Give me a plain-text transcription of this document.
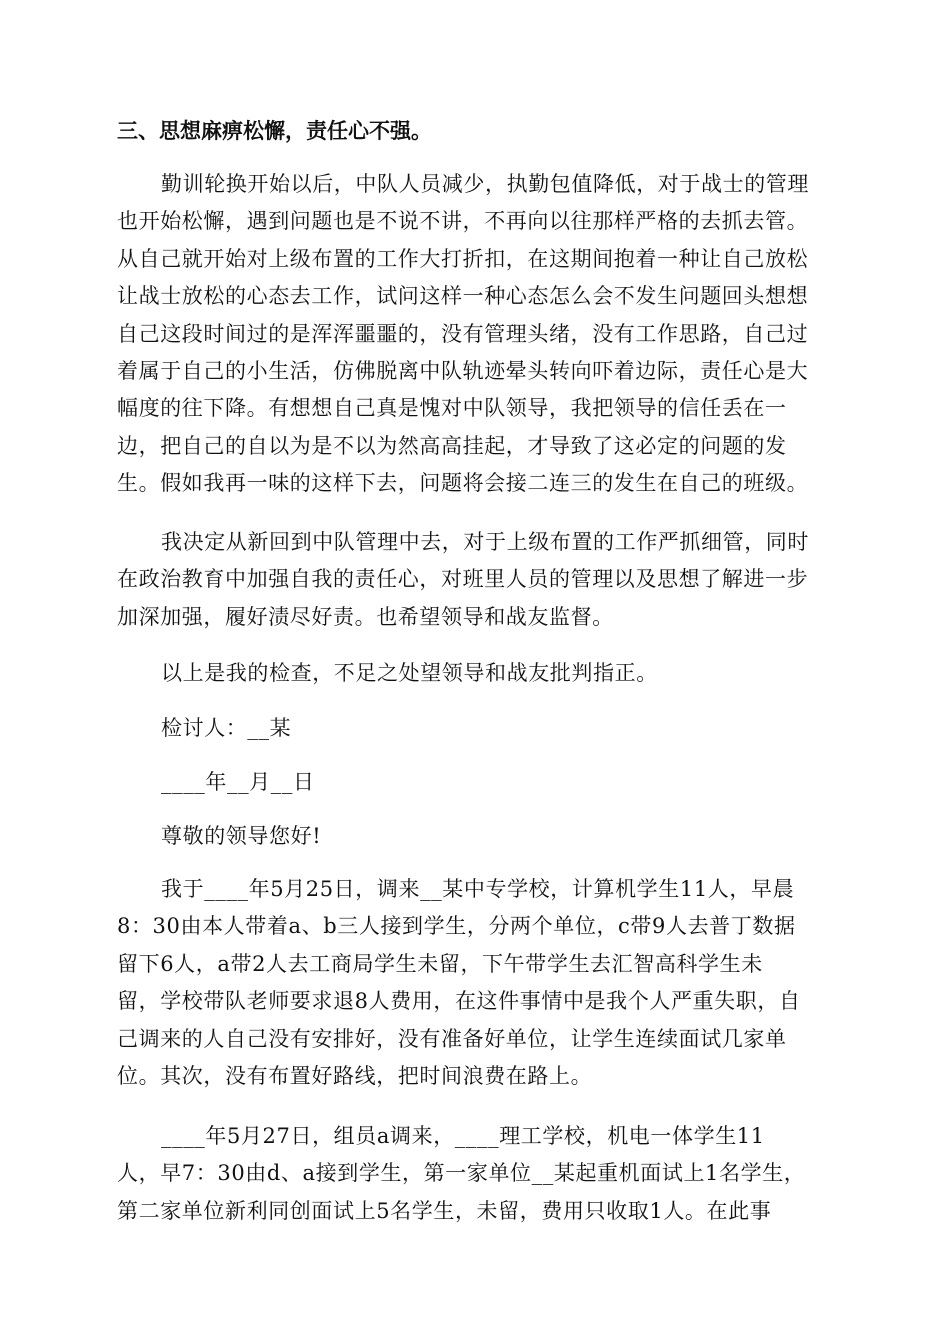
三、思想麻痹松懈，责任心不强。
勤训轮换开始以后，中队人员减少，执勤包值降低，对于战士的管理
也开始松懈，遇到问题也是不说不讲，不再向以往那样严格的去抓去管。
从自己就开始对上级布置的工作大打折扣，在这期间抱着一种让自己放松
让战士放松的心态去工作，试问这样一种心态怎么会不发生问题回头想想
自己这段时间过的是浑浑噩噩的，没有管理头绪，没有工作思路，自己过
着属于自己的小生活，仿佛脱离中队轨迹晕头转向吓着边际，责任心是大
幅度的往下降。有想想自己真是愧对中队领导，我把领导的信任丢在一
边，把自己的自以为是不以为然高高挂起，才导致了这必定的问题的发
生。假如我再一味的这样下去，问题将会接二连三的发生在自己的班级。
我决定从新回到中队管理中去，对于上级布置的工作严抓细管，同时
在政治教育中加强自我的责任心，对班里人员的管理以及思想了解进一步
加深加强，履好渍尽好责。也希望领导和战友监督。
以上是我的检查，不足之处望领导和战友批判指正。
检讨人：__某
____年__月__日
尊敬的领导您好!
我于____年5月25日，调来__某中专学校，计算机学生11人，早晨
8：30由本人带着a、b三人接到学生，分两个单位，c带9人去普丁数据
留下6人，a带2人去工商局学生未留，下午带学生去汇智高科学生未
留，学校带队老师要求退8人费用，在这件事情中是我个人严重失职，自
己调来的人自己没有安排好，没有准备好单位，让学生连续面试几家单
位。其次，没有布置好路线，把时间浪费在路上。
____年5月27日，组员a调来，____理工学校，机电一体学生11
人，早7：30由d、a接到学生，第一家单位__某起重机面试上1名学生，
第二家单位新利同创面试上5名学生，未留，费用只收取1人。在此事
